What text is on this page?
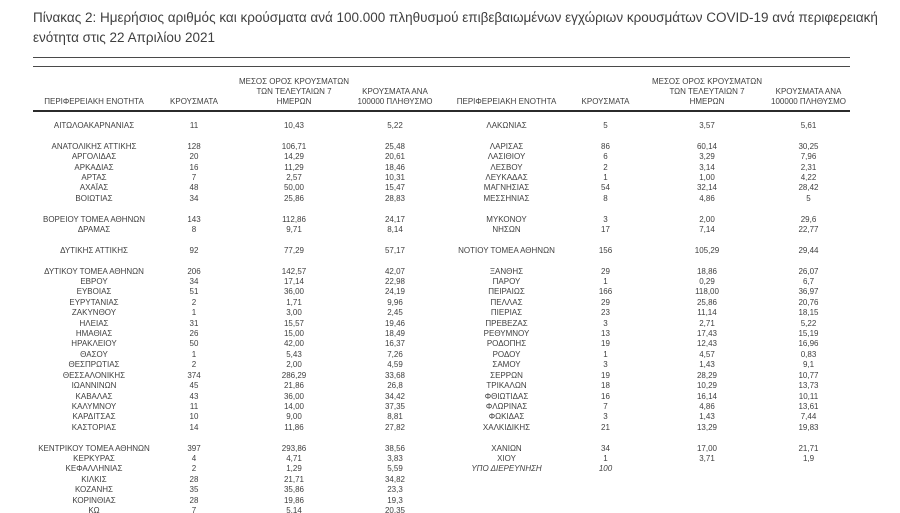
Πίνακας 2: Ημερήσιος αριθμός και κρούσματα ανά 100.000 πληθυσμού επιβεβαιωμένων εγχώριων κρουσμάτων COVID-19 ανά περιφερειακή ενότητα στις 22 Απριλίου 2021
ΠΕΡΙΦΕΡΕΙΑΚΗ ΕΝΟΤΗΤΑ	ΚΡΟΥΣΜΑΤΑ	ΜΕΣΟΣ ΟΡΟΣ ΚΡΟΥΣΜΑΤΩΝ ΤΩΝ ΤΕΛΕΥΤΑΙΩΝ 7 ΗΜΕΡΩΝ	ΚΡΟΥΣΜΑΤΑ ΑΝΑ 100000 ΠΛΗΘΥΣΜΟ		ΠΕΡΙΦΕΡΕΙΑΚΗ ΕΝΟΤΗΤΑ	ΚΡΟΥΣΜΑΤΑ	ΜΕΣΟΣ ΟΡΟΣ ΚΡΟΥΣΜΑΤΩΝ ΤΩΝ ΤΕΛΕΥΤΑΙΩΝ 7 ΗΜΕΡΩΝ	ΚΡΟΥΣΜΑΤΑ ΑΝΑ 100000 ΠΛΗΘΥΣΜΟ

ΑΙΤΩΛΟΑΚΑΡΝΑΝΙΑΣ	11	10,43	5,22		ΛΑΚΩΝΙΑΣ	5	3,57	5,61

ΑΝΑΤΟΛΙΚΗΣ ΑΤΤΙΚΗΣ	128	106,71	25,48		ΛΑΡΙΣΑΣ	86	60,14	30,25
ΑΡΓΟΛΙΔΑΣ	20	14,29	20,61		ΛΑΣΙΘΙΟΥ	6	3,29	7,96
ΑΡΚΑΔΙΑΣ	16	11,29	18,46		ΛΕΣΒΟΥ	2	3,14	2,31
ΑΡΤΑΣ	7	2,57	10,31		ΛΕΥΚΑΔΑΣ	1	1,00	4,22
ΑΧΑΪΑΣ	48	50,00	15,47		ΜΑΓΝΗΣΙΑΣ	54	32,14	28,42
ΒΟΙΩΤΙΑΣ	34	25,86	28,83		ΜΕΣΣΗΝΙΑΣ	8	4,86	5

ΒΟΡΕΙΟΥ ΤΟΜΕΑ ΑΘΗΝΩΝ	143	112,86	24,17		ΜΥΚΟΝΟΥ	3	2,00	29,6
ΔΡΑΜΑΣ	8	9,71	8,14		ΝΗΣΩΝ	17	7,14	22,77

ΔΥΤΙΚΗΣ ΑΤΤΙΚΗΣ	92	77,29	57,17		ΝΟΤΙΟΥ ΤΟΜΕΑ ΑΘΗΝΩΝ	156	105,29	29,44

ΔΥΤΙΚΟΥ ΤΟΜΕΑ ΑΘΗΝΩΝ	206	142,57	42,07		ΞΑΝΘΗΣ	29	18,86	26,07
ΕΒΡΟΥ	34	17,14	22,98		ΠΑΡΟΥ	1	0,29	6,7
ΕΥΒΟΙΑΣ	51	36,00	24,19		ΠΕΙΡΑΙΩΣ	166	118,00	36,97
ΕΥΡΥΤΑΝΙΑΣ	2	1,71	9,96		ΠΕΛΛΑΣ	29	25,86	20,76
ΖΑΚΥΝΘΟΥ	1	3,00	2,45		ΠΙΕΡΙΑΣ	23	11,14	18,15
ΗΛΕΙΑΣ	31	15,57	19,46		ΠΡΕΒΕΖΑΣ	3	2,71	5,22
ΗΜΑΘΙΑΣ	26	15,00	18,49		ΡΕΘΥΜΝΟΥ	13	17,43	15,19
ΗΡΑΚΛΕΙΟΥ	50	42,00	16,37		ΡΟΔΟΠΗΣ	19	12,43	16,96
ΘΑΣΟΥ	1	5,43	7,26		ΡΟΔΟΥ	1	4,57	0,83
ΘΕΣΠΡΩΤΙΑΣ	2	2,00	4,59		ΣΑΜΟΥ	3	1,43	9,1
ΘΕΣΣΑΛΟΝΙΚΗΣ	374	286,29	33,68		ΣΕΡΡΩΝ	19	28,29	10,77
ΙΩΑΝΝΙΝΩΝ	45	21,86	26,8		ΤΡΙΚΑΛΩΝ	18	10,29	13,73
ΚΑΒΑΛΑΣ	43	36,00	34,42		ΦΘΙΩΤΙΔΑΣ	16	16,14	10,11
ΚΑΛΥΜΝΟΥ	11	14,00	37,35		ΦΛΩΡΙΝΑΣ	7	4,86	13,61
ΚΑΡΔΙΤΣΑΣ	10	9,00	8,81		ΦΩΚΙΔΑΣ	3	1,43	7,44
ΚΑΣΤΟΡΙΑΣ	14	11,86	27,82		ΧΑΛΚΙΔΙΚΗΣ	21	13,29	19,83

ΚΕΝΤΡΙΚΟΥ ΤΟΜΕΑ ΑΘΗΝΩΝ	397	293,86	38,56		ΧΑΝΙΩΝ	34	17,00	21,71
ΚΕΡΚΥΡΑΣ	4	4,71	3,83		ΧΙΟΥ	1	3,71	1,9
ΚΕΦΑΛΛΗΝΙΑΣ	2	1,29	5,59		ΥΠΟ ΔΙΕΡΕΥΝΗΣΗ	100		
ΚΙΛΚΙΣ	28	21,71	34,82					
ΚΟΖΑΝΗΣ	35	35,86	23,3					
ΚΟΡΙΝΘΙΑΣ	28	19,86	19,3					
ΚΩ	7	5,14	20,35					
